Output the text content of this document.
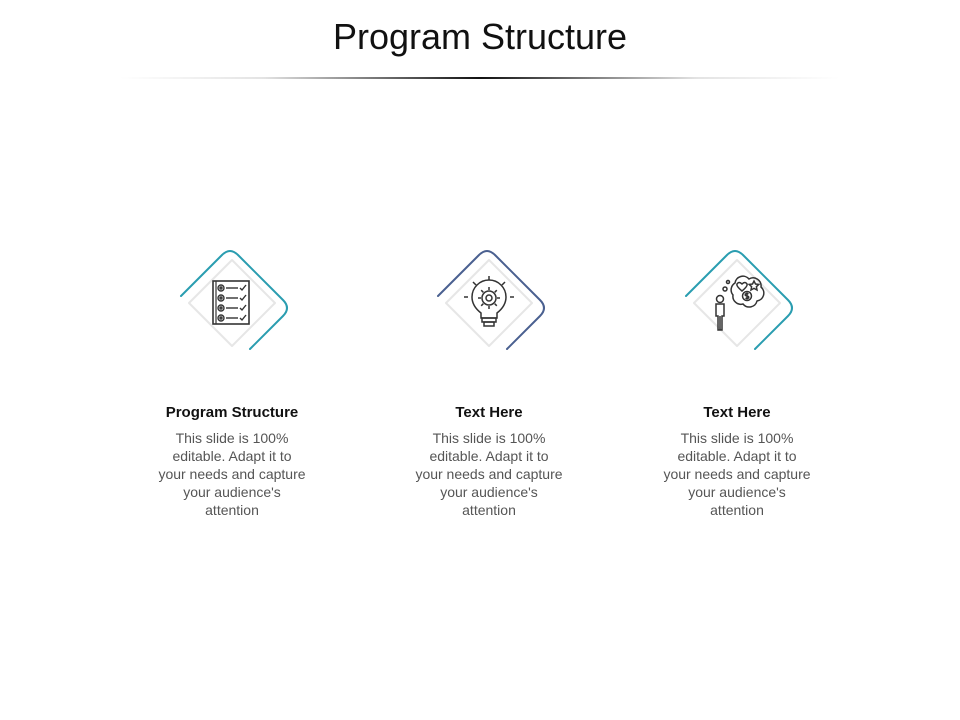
Program Structure
Program Structure
This slide is 100% editable. Adapt it to your needs and capture your audience's attention
Text Here
This slide is 100% editable. Adapt it to your needs and capture your audience's attention
Text Here
This slide is 100% editable. Adapt it to your needs and capture your audience's attention
